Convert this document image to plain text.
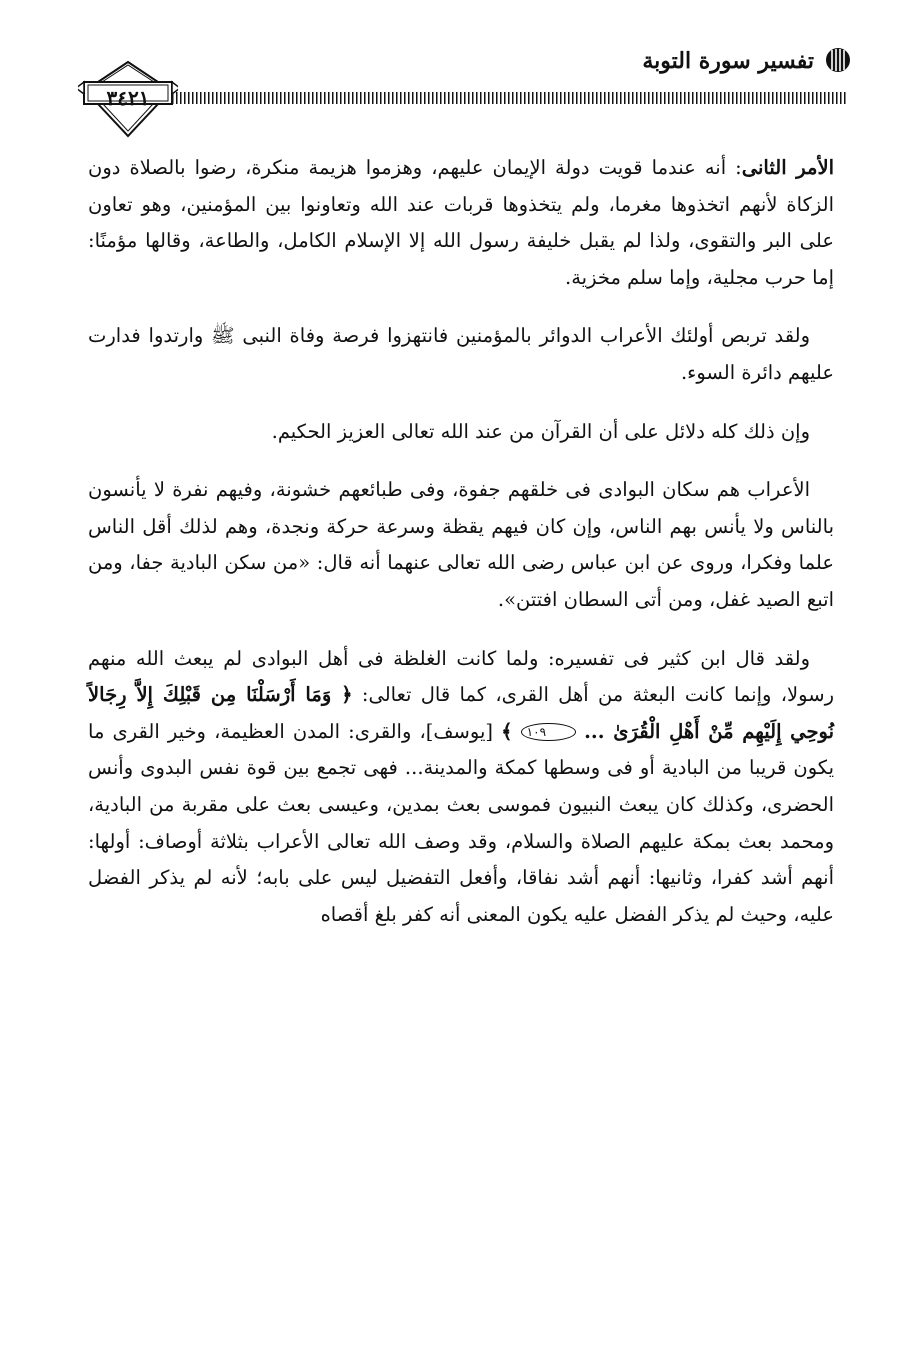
تفسير سورة التوبة
٣٤٢١

الأمر الثانى: أنه عندما قويت دولة الإيمان عليهم، وهزموا هزيمة منكرة، رضوا بالصلاة دون الزكاة لأنهم اتخذوها مغرما، ولم يتخذوها قربات عند الله وتعاونوا بين المؤمنين، وهو تعاون على البر والتقوى، ولذا لم يقبل خليفة رسول الله إلا الإسلام الكامل، والطاعة، وقالها مؤمنًا: إما حرب مجلية، وإما سلم مخزية.

ولقد تربص أولئك الأعراب الدوائر بالمؤمنين فانتهزوا فرصة وفاة النبى ﷺ وارتدوا فدارت عليهم دائرة السوء.

وإن ذلك كله دلائل على أن القرآن من عند الله تعالى العزيز الحكيم.

الأعراب هم سكان البوادى فى خلقهم جفوة، وفى طبائعهم خشونة، وفيهم نفرة لا يأنسون بالناس ولا يأنس بهم الناس، وإن كان فيهم يقظة وسرعة حركة ونجدة، وهم لذلك أقل الناس علما وفكرا، وروى عن ابن عباس رضى الله تعالى عنهما أنه قال: «من سكن البادية جفا، ومن اتبع الصيد غفل، ومن أتى السطان افتتن».

ولقد قال ابن كثير فى تفسيره: ولما كانت الغلظة فى أهل البوادى لم يبعث الله منهم رسولا، وإنما كانت البعثة من أهل القرى، كما قال تعالى: ﴿ وَمَا أَرْسَلْنَا مِن قَبْلِكَ إِلاَّ رِجَالاً نُوحِي إِلَيْهِم مِّنْ أَهْلِ الْقُرَىٰ ... ١٠٩ ﴾ [يوسف]، والقرى: المدن العظيمة، وخير القرى ما يكون قريبا من البادية أو فى وسطها كمكة والمدينة... فهى تجمع بين قوة نفس البدوى وأنس الحضرى، وكذلك كان يبعث النبيون فموسى بعث بمدين، وعيسى بعث على مقربة من البادية، ومحمد بعث بمكة عليهم الصلاة والسلام، وقد وصف الله تعالى الأعراب بثلاثة أوصاف: أولها: أنهم أشد كفرا، وثانيها: أنهم أشد نفاقا، وأفعل التفضيل ليس على بابه؛ لأنه لم يذكر الفضل عليه، وحيث لم يذكر الفضل عليه يكون المعنى أنه كفر بلغ أقصاه
